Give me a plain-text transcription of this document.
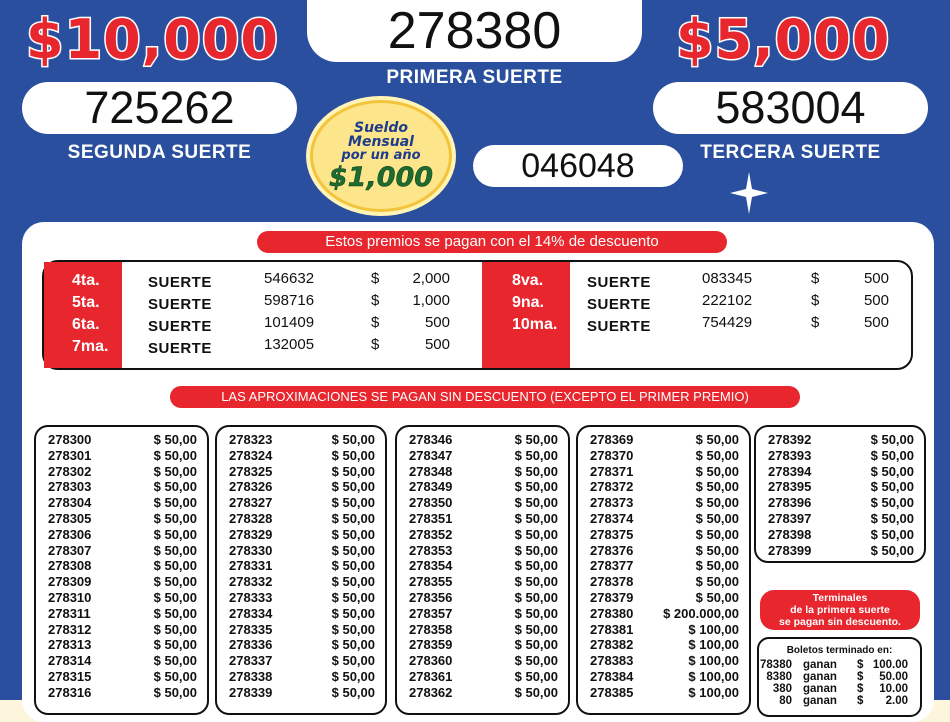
$10,000	$5,000
278380
PRIMERA SUERTE
725262
SEGUNDA SUERTE
583004
TERCERA SUERTE
Sueldo
Mensual
por un año
$1,000	046048
Estos premios se pagan con el 14% de descuento
4ta.	SUERTE	546632	$ 2,000
5ta.	SUERTE	598716	$ 1,000
6ta.	SUERTE	101409	$	500
7ma.	SUERTE	132005	$	500
8va.	SUERTE	083345	$	500
9na.	SUERTE	222102	$	500
10ma. SUERTE	754429	$	500
LAS APROXIMACIONES SE PAGAN SIN DESCUENTO (EXCEPTO EL PRIMER PREMIO)
278300	$ 50,00
278301	$ 50,00
278302	$ 50,00
278303	$ 50,00
278304	$ 50,00
278305	$ 50,00
278306	$ 50,00
278307	$ 50,00
278308	$ 50,00
278309	$ 50,00
278310	$ 50,00
278311	$ 50,00
278312	$ 50,00
278313	$ 50,00
278314	$ 50,00
278315	$ 50,00
278316	$ 50,00
278323	$ 50,00
278324	$ 50,00
278325	$ 50,00
278326	$ 50,00
278327	$ 50,00
278328	$ 50,00
278329	$ 50,00
278330	$ 50,00
278331	$ 50,00
278332	$ 50,00
278333	$ 50,00
278334	$ 50,00
278335	$ 50,00
278336	$ 50,00
278337	$ 50,00
278338	$ 50,00
278339	$ 50,00
278346	$ 50,00
278347	$ 50,00
278348	$ 50,00
278349	$ 50,00
278350	$ 50,00
278351	$ 50,00
278352	$ 50,00
278353	$ 50,00
278354	$ 50,00
278355	$ 50,00
278356	$ 50,00
278357	$ 50,00
278358	$ 50,00
278359	$ 50,00
278360	$ 50,00
278361	$ 50,00
278362	$ 50,00
278369	$ 50,00
278370	$ 50,00
278371	$ 50,00
278372	$ 50,00
278373	$ 50,00
278374	$ 50,00
278375	$ 50,00
278376	$ 50,00
278377	$ 50,00
278378	$ 50,00
278379	$ 50,00
278380 $ 200.000,00
278381	$ 100,00
278382	$ 100,00
278383	$ 100,00
278384	$ 100,00
278385	$ 100,00
278392	$ 50,00
278393	$ 50,00
278394	$ 50,00
278395	$ 50,00
278396	$ 50,00
278397	$ 50,00
278398	$ 50,00
278399	$ 50,00
Terminales
de la primera suerte
se pagan sin descuento.
Boletos terminado en:
78380 ganan $ 100.00
8380 ganan $ 50.00
380 ganan $ 10.00
80 ganan $ 2.00
